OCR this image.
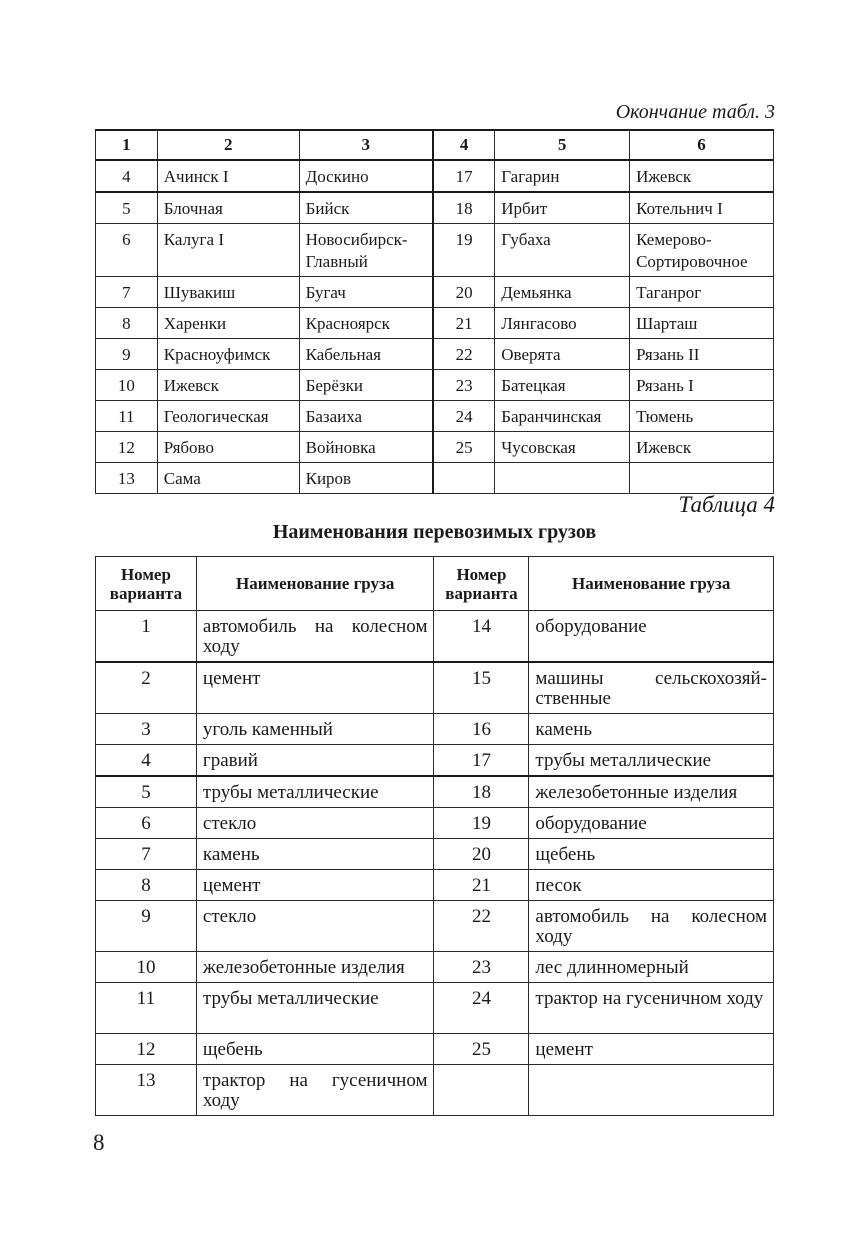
Окончание табл. 3
1	2	3	4	5	6
4	Ачинск I	Доскино	17	Гагарин	Ижевск
5	Блочная	Бийск	18	Ирбит	Котельнич I
6	Калуга I	Новосибирск-Главный	19	Губаха	Кемерово-Сортировочное
7	Шувакиш	Бугач	20	Демьянка	Таганрог
8	Харенки	Красноярск	21	Лянгасово	Шарташ
9	Красноуфимск	Кабельная	22	Оверята	Рязань II
10	Ижевск	Берёзки	23	Батецкая	Рязань I
11	Геологическая	Базаиха	24	Баранчинская	Тюмень
12	Рябово	Войновка	25	Чусовская	Ижевск
13	Сама	Киров			
Таблица 4
Наименования перевозимых грузов
Номер варианта	Наименование груза	Номер варианта	Наименование груза
1	автомобиль на колесном ходу	14	оборудование
2	цемент	15	машины сельскохозяй-ственные
3	уголь каменный	16	камень
4	гравий	17	трубы металлические
5	трубы металлические	18	железобетонные изделия
6	стекло	19	оборудование
7	камень	20	щебень
8	цемент	21	песок
9	стекло	22	автомобиль на колесном ходу
10	железобетонные изделия	23	лес длинномерный
11	трубы металлические	24	трактор на гусеничном ходу
12	щебень	25	цемент
13	трактор на гусеничном ходу		
8
